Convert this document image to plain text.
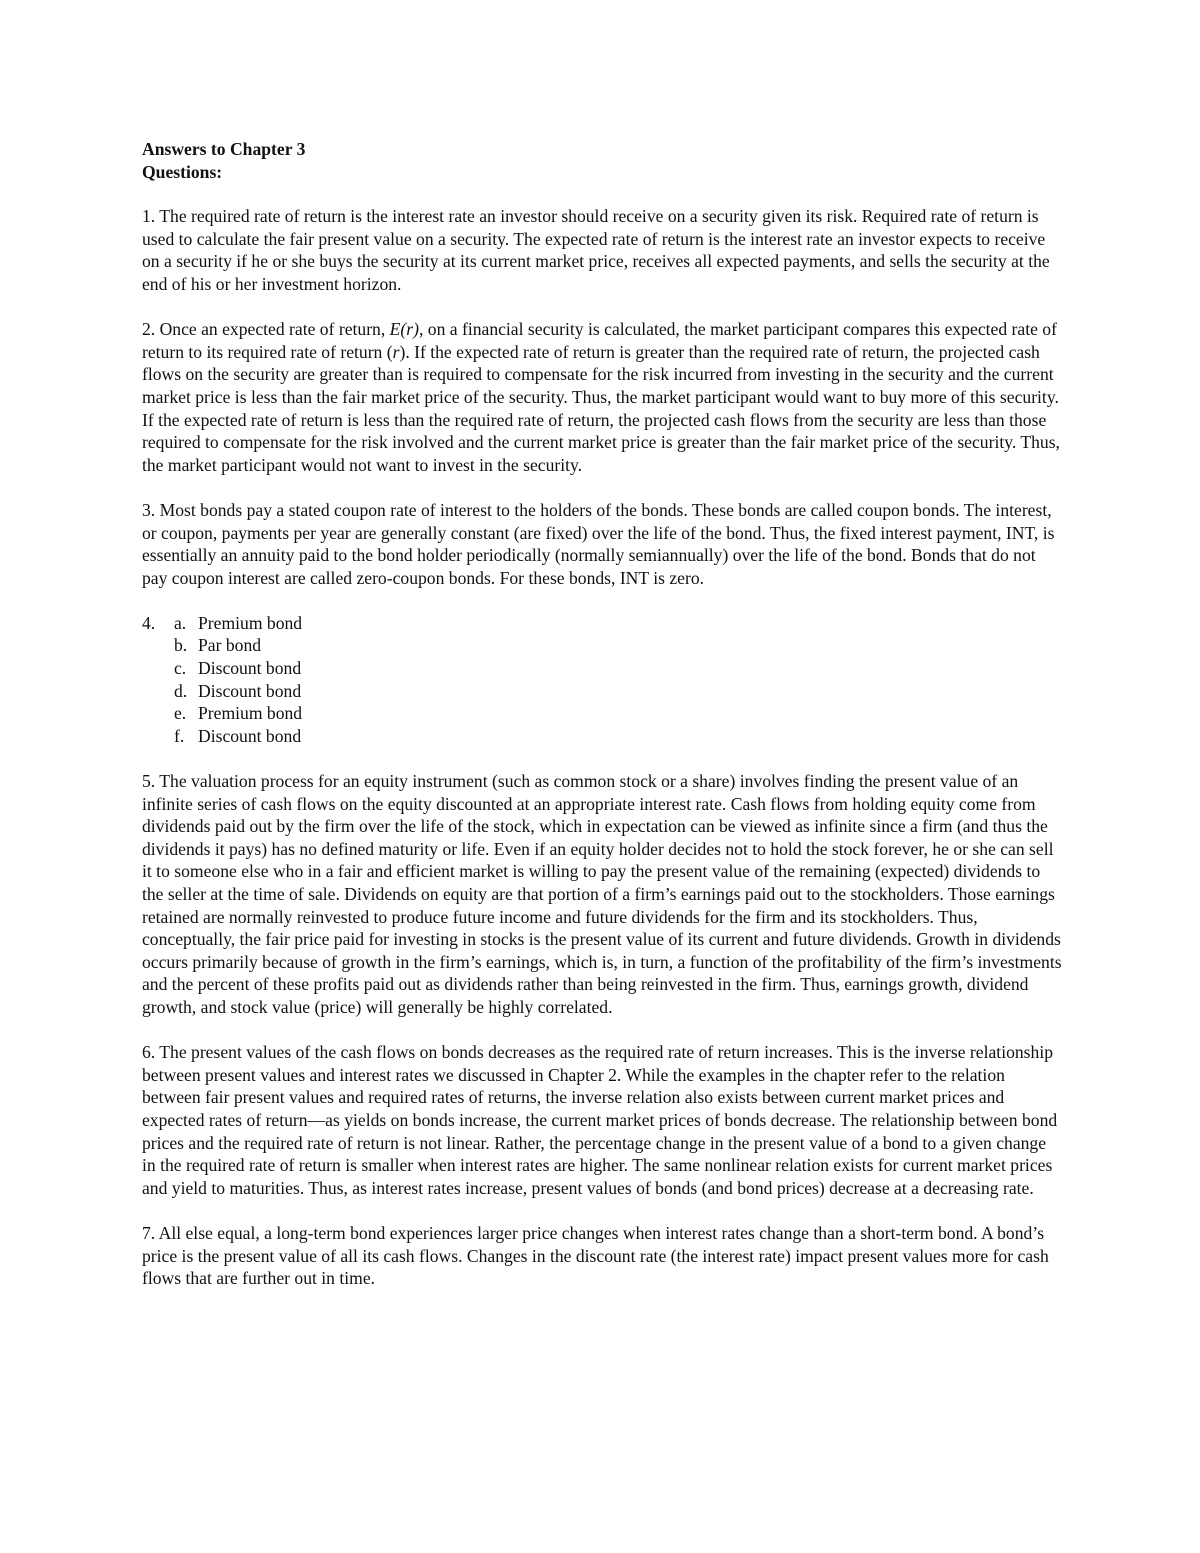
Answers to Chapter 3

Questions:

1. The required rate of return is the interest rate an investor should receive on a security given its risk. Required rate of return is used to calculate the fair present value on a security. The expected rate of return is the interest rate an investor expects to receive on a security if he or she buys the security at its current market price, receives all expected payments, and sells the security at the end of his or her investment horizon.

2. Once an expected rate of return, E(r), on a financial security is calculated, the market participant compares this expected rate of return to its required rate of return (r). If the expected rate of return is greater than the required rate of return, the projected cash flows on the security are greater than is required to compensate for the risk incurred from investing in the security and the current market price is less than the fair market price of the security. Thus, the market participant would want to buy more of this security. If the expected rate of return is less than the required rate of return, the projected cash flows from the security are less than those required to compensate for the risk involved and the current market price is greater than the fair market price of the security. Thus, the market participant would not want to invest in the security.

3. Most bonds pay a stated coupon rate of interest to the holders of the bonds. These bonds are called coupon bonds. The interest, or coupon, payments per year are generally constant (are fixed) over the life of the bond. Thus, the fixed interest payment, INT, is essentially an annuity paid to the bond holder periodically (normally semiannually) over the life of the bond. Bonds that do not pay coupon interest are called zero-coupon bonds. For these bonds, INT is zero.

4.	a. Premium bond
b. Par bond
c. Discount bond
d. Discount bond
e. Premium bond
f. Discount bond

5. The valuation process for an equity instrument (such as common stock or a share) involves finding the present value of an infinite series of cash flows on the equity discounted at an appropriate interest rate. Cash flows from holding equity come from dividends paid out by the firm over the life of the stock, which in expectation can be viewed as infinite since a firm (and thus the dividends it pays) has no defined maturity or life. Even if an equity holder decides not to hold the stock forever, he or she can sell it to someone else who in a fair and efficient market is willing to pay the present value of the remaining (expected) dividends to the seller at the time of sale. Dividends on equity are that portion of a firm’s earnings paid out to the stockholders. Those earnings retained are normally reinvested to produce future income and future dividends for the firm and its stockholders. Thus, conceptually, the fair price paid for investing in stocks is the present value of its current and future dividends. Growth in dividends occurs primarily because of growth in the firm’s earnings, which is, in turn, a function of the profitability of the firm’s investments and the percent of these profits paid out as dividends rather than being reinvested in the firm. Thus, earnings growth, dividend growth, and stock value (price) will generally be highly correlated.

6. The present values of the cash flows on bonds decreases as the required rate of return increases. This is the inverse relationship between present values and interest rates we discussed in Chapter 2. While the examples in the chapter refer to the relation between fair present values and required rates of returns, the inverse relation also exists between current market prices and expected rates of return—as yields on bonds increase, the current market prices of bonds decrease. The relationship between bond prices and the required rate of return is not linear. Rather, the percentage change in the present value of a bond to a given change in the required rate of return is smaller when interest rates are higher. The same nonlinear relation exists for current market prices and yield to maturities. Thus, as interest rates increase, present values of bonds (and bond prices) decrease at a decreasing rate.

7. All else equal, a long-term bond experiences larger price changes when interest rates change than a short-term bond. A bond’s price is the present value of all its cash flows. Changes in the discount rate (the interest rate) impact present values more for cash flows that are further out in time.
